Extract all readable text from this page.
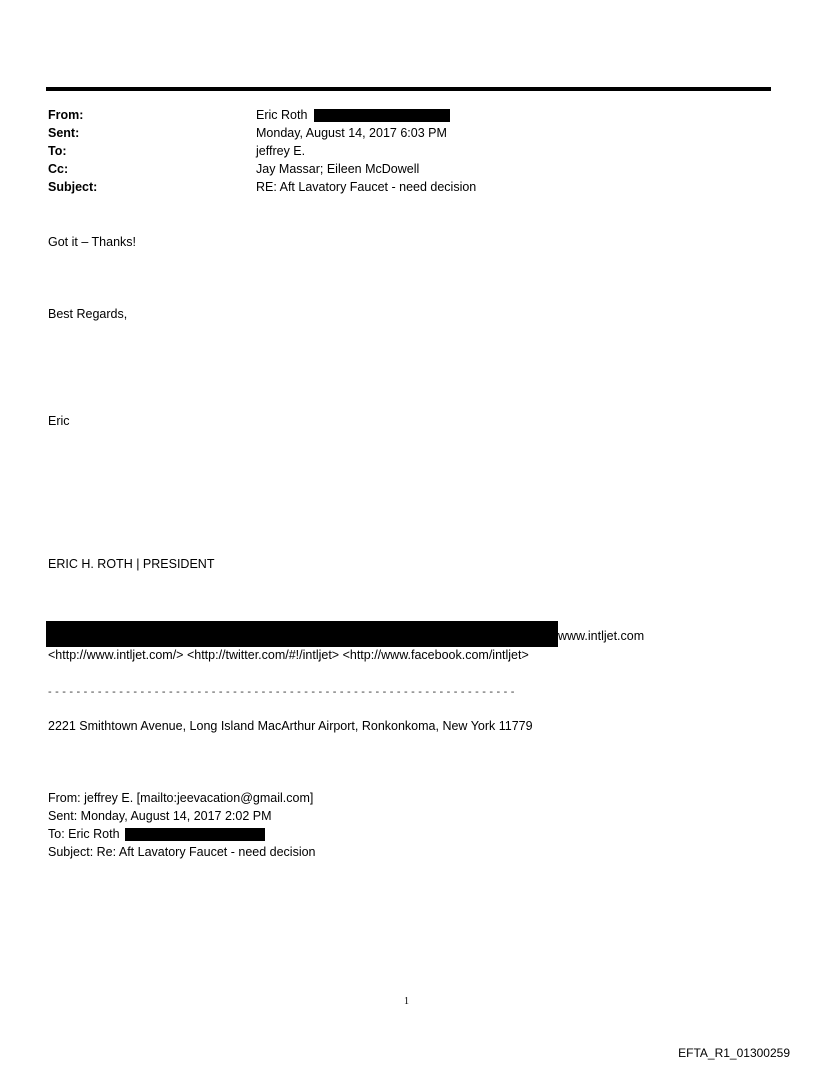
From:	Eric Roth
Sent:	Monday, August 14, 2017 6:03 PM
To:	jeffrey E.
Cc:	Jay Massar; Eileen McDowell
Subject:	RE: Aft Lavatory Faucet - need decision
Got it – Thanks!
Best Regards,
Eric
ERIC H. ROTH | PRESIDENT
www.intljet.com
<http://www.intljet.com/> <http://twitter.com/#!/intljet> <http://www.facebook.com/intljet>
- - - - - - - - - - - - - - - - - - - - - - - - - - - - - - - - - - - - - - - - - - - - - - - - - - - - - - - - - - - - - - - - - -
2221 Smithtown Avenue, Long Island MacArthur Airport, Ronkonkoma, New York 11779
From: jeffrey E. [mailto:jeevacation@gmail.com]
Sent: Monday, August 14, 2017 2:02 PM
To: Eric Roth
Subject: Re: Aft Lavatory Faucet - need decision
1
EFTA_R1_01300259
